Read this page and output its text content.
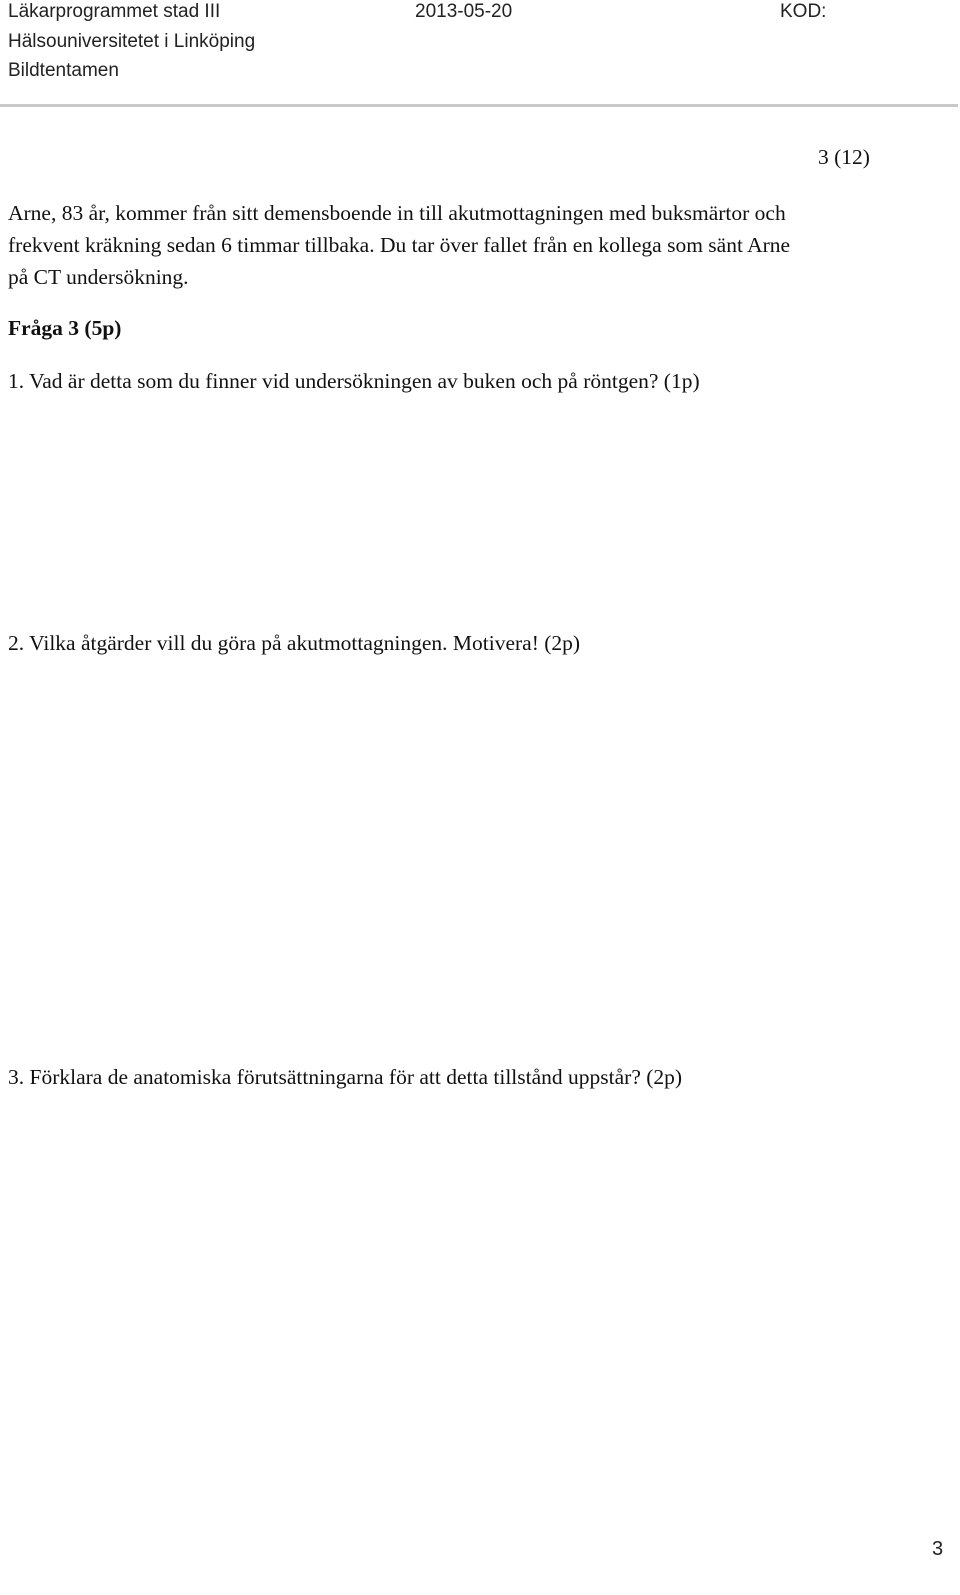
Läkarprogrammet stad III	2013-05-20	KOD:
Hälsouniversitetet i Linköping
Bildtentamen
3 (12)
Arne, 83 år, kommer från sitt demensboende in till akutmottagningen med buksmärtor och
frekvent kräkning sedan 6 timmar tillbaka. Du tar över fallet från en kollega som sänt Arne
på CT undersökning.
Fråga 3 (5p)
1. Vad är detta som du finner vid undersökningen av buken och på röntgen? (1p)
2. Vilka åtgärder vill du göra på akutmottagningen. Motivera! (2p)
3. Förklara de anatomiska förutsättningarna för att detta tillstånd uppstår? (2p)
3
